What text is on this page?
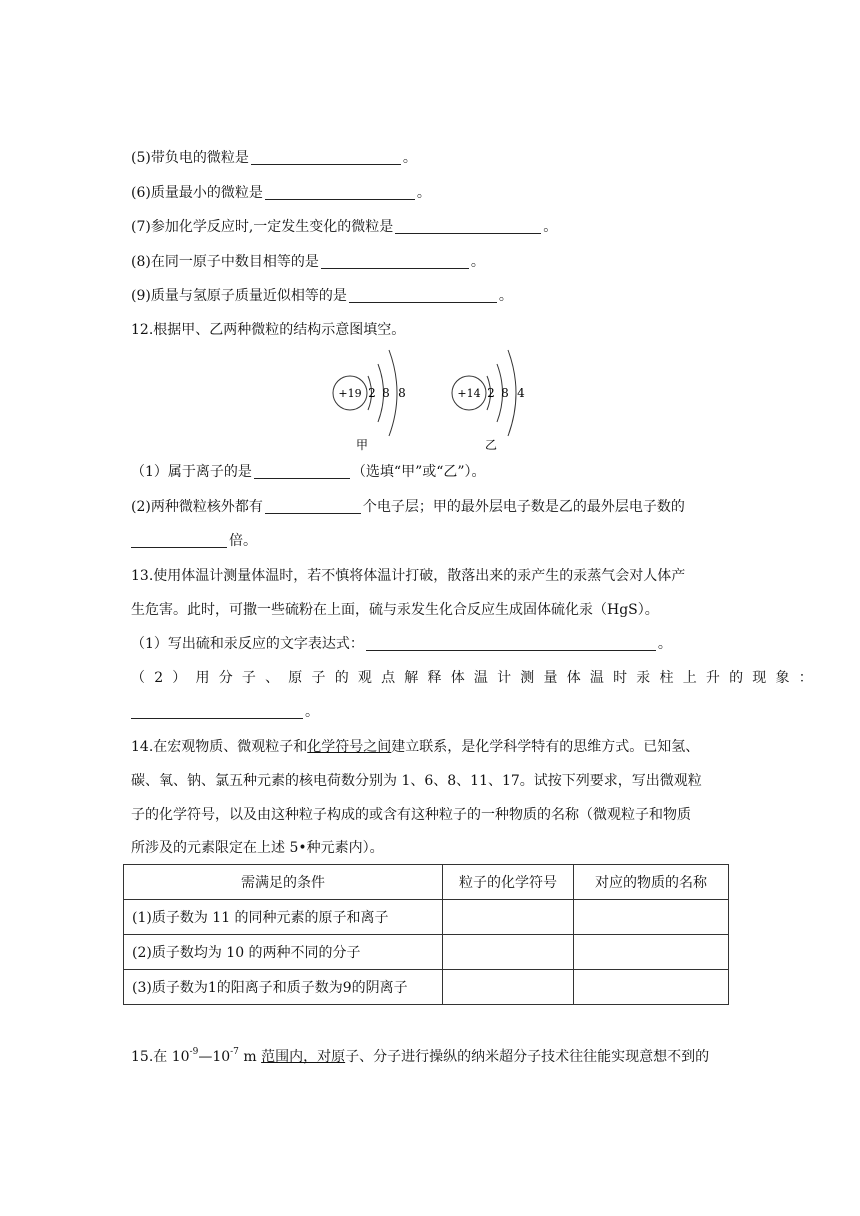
(5)带负电的微粒是	。
(6)质量最小的微粒是	。
(7)参加化学反应时,一定发生变化的微粒是	。
(8)在同一原子中数目相等的是	。
(9)质量与氢原子质量近似相等的是	。
12.根据甲、乙两种微粒的结构示意图填空。
+19 2 8 8
甲
+14 2 8 4
乙
（1）属于离子的是	（选填“甲”或“乙”）。
(2)两种微粒核外都有	个电子层；甲的最外层电子数是乙的最外层电子数的
倍。
13.使用体温计测量体温时，若不慎将体温计打破，散落出来的汞产生的汞蒸气会对人体产
生危害。此时，可撒一些硫粉在上面，硫与汞发生化合反应生成固体硫化汞（HgS）。
（1）写出硫和汞反应的文字表达式：	。
（2）用分子、原子的观点解释体温计测量体温时汞柱上升的现象：
。
14.在宏观物质、微观粒子和化学符号之间建立联系，是化学科学特有的思维方式。已知氢、
碳、氧、钠、氯五种元素的核电荷数分别为 1、6、8、11、17。试按下列要求，写出微观粒
子的化学符号，以及由这种粒子构成的或含有这种粒子的一种物质的名称（微观粒子和物质
所涉及的元素限定在上述 5•种元素内）。
需满足的条件	粒子的化学符号	对应的物质的名称
(1)质子数为 11 的同种元素的原子和离子		
(2)质子数均为 10 的两种不同的分子		
(3)质子数为1的阳离子和质子数为9的阴离子		
15.在 $10^{-9}—10^{-7}$ m 范围内，对原子、分子进行操纵的纳米超分子技术往往能实现意想不到的
